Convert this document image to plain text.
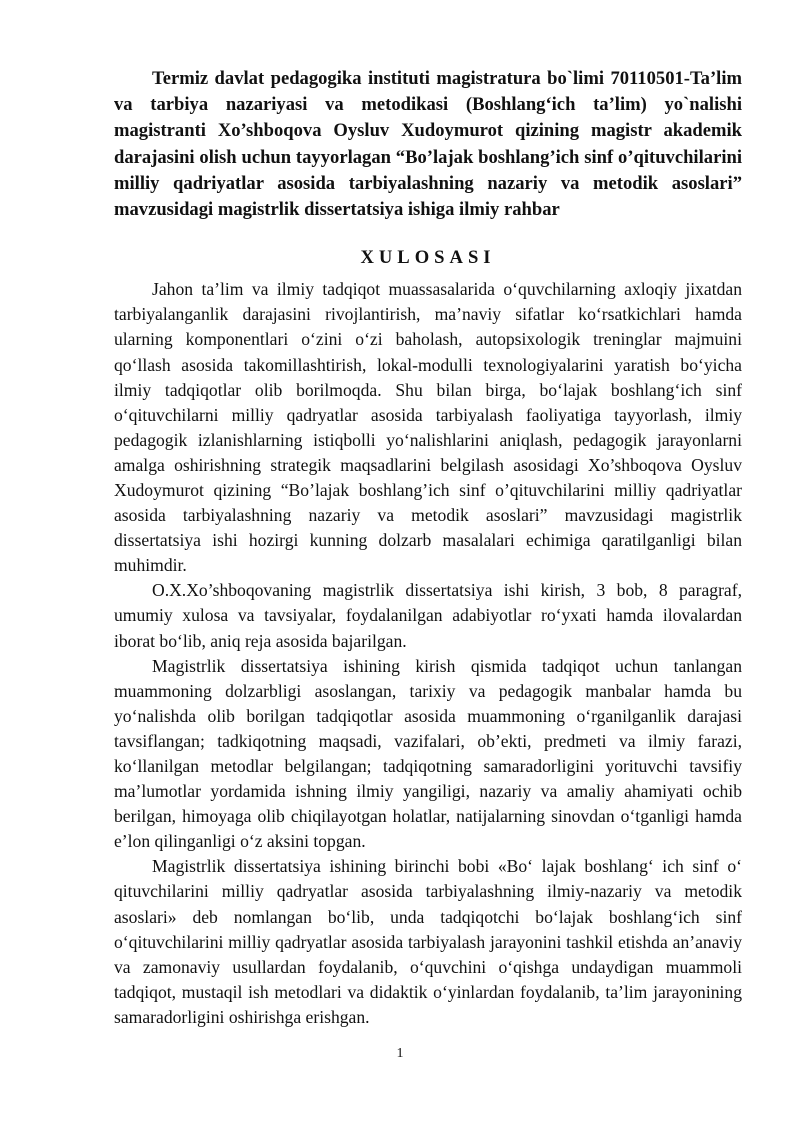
Termiz davlat pedagogika instituti magistratura bo`limi 70110501-Ta’lim va tarbiya nazariyasi va metodikasi (Boshlang‘ich ta’lim) yo`nalishi magistranti Xo’shboqova Oysluv Xudoymurot qizining magistr akademik darajasini olish uchun tayyorlagan “Bo’lajak boshlang’ich sinf o’qituvchilarini milliy qadriyatlar asosida tarbiyalashning nazariy va metodik asoslari” mavzusidagi magistrlik dissertatsiya ishiga ilmiy rahbar

XULOSASI

Jahon ta’lim va ilmiy tadqiqot muassasalarida o‘quvchilarning axloqiy jixatdan tarbiyalanganlik darajasini rivojlantirish, ma’naviy sifatlar ko‘rsatkichlari hamda ularning komponentlari o‘zini o‘zi baholash, autopsixologik treninglar majmuini qo‘llash asosida takomillashtirish, lokal-modulli texnologiyalarini yaratish bo‘yicha ilmiy tadqiqotlar olib borilmoqda. Shu bilan birga, bo‘lajak boshlang‘ich sinf o‘qituvchilarni milliy qadryatlar asosida tarbiyalash faoliyatiga tayyorlash, ilmiy pedagogik izlanishlarning istiqbolli yo‘nalishlarini aniqlash, pedagogik jarayonlarni amalga oshirishning strategik maqsadlarini belgilash asosidagi Xo’shboqova Oysluv Xudoymurot qizining “Bo’lajak boshlang’ich sinf o’qituvchilarini milliy qadriyatlar asosida tarbiyalashning nazariy va metodik asoslari” mavzusidagi magistrlik dissertatsiya ishi hozirgi kunning dolzarb masalalari echimiga qaratilganligi bilan muhimdir.

O.X.Xo’shboqovaning magistrlik dissertatsiya ishi kirish, 3 bob, 8 paragraf, umumiy xulosa va tavsiyalar, foydalanilgan adabiyotlar ro‘yxati hamda ilovalardan iborat bo‘lib, aniq reja asosida bajarilgan.

Magistrlik dissertatsiya ishining kirish qismida tadqiqot uchun tanlangan muammoning dolzarbligi asoslangan, tarixiy va pedagogik manbalar hamda bu yo‘nalishda olib borilgan tadqiqotlar asosida muammoning o‘rganilganlik darajasi tavsiflangan; tadkiqotning maqsadi, vazifalari, ob’ekti, predmeti va ilmiy farazi, ko‘llanilgan metodlar belgilangan; tadqiqotning samaradorligini yorituvchi tavsifiy ma’lumotlar yordamida ishning ilmiy yangiligi, nazariy va amaliy ahamiyati ochib berilgan, himoyaga olib chiqilayotgan holatlar, natijalarning sinovdan o‘tganligi hamda e’lon qilinganligi o‘z aksini topgan.

Magistrlik dissertatsiya ishining birinchi bobi «Bo‘ lajak boshlang‘ ich sinf o‘ qituvchilarini milliy qadryatlar asosida tarbiyalashning ilmiy-nazariy va metodik asoslari» deb nomlangan bo‘lib, unda tadqiqotchi bo‘lajak boshlang‘ich sinf o‘qituvchilarini milliy qadryatlar asosida tarbiyalash jarayonini tashkil etishda an’anaviy va zamonaviy usullardan foydalanib, o‘quvchini o‘qishga undaydigan muammoli tadqiqot, mustaqil ish metodlari va didaktik o‘yinlardan foydalanib, ta’lim jarayonining samaradorligini oshirishga erishgan.

1
